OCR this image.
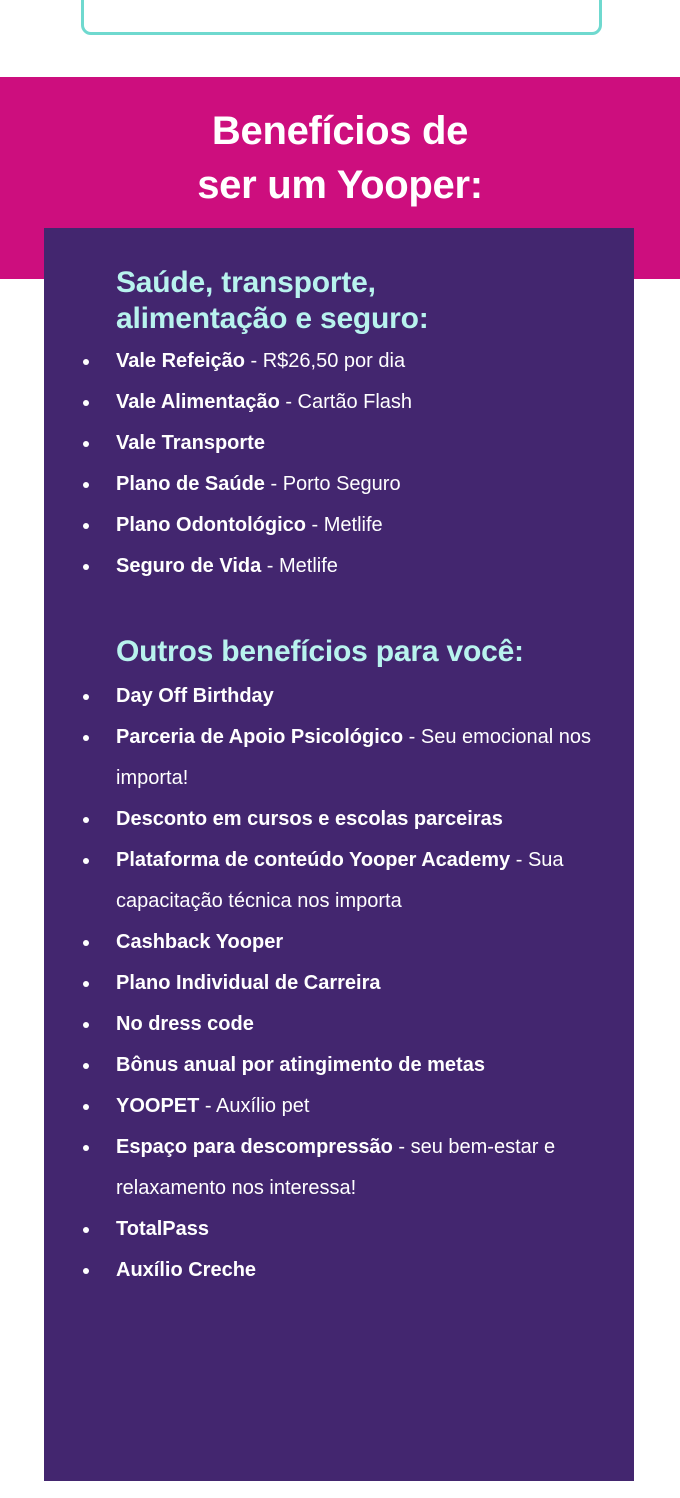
Benefícios de
ser um Yooper:
Saúde, transporte,
alimentação e seguro:
Vale Refeição - R$26,50 por dia
Vale Alimentação - Cartão Flash
Vale Transporte
Plano de Saúde - Porto Seguro
Plano Odontológico - Metlife
Seguro de Vida - Metlife
Outros benefícios para você:
Day Off Birthday
Parceria de Apoio Psicológico - Seu emocional nos importa!
Desconto em cursos e escolas parceiras
Plataforma de conteúdo Yooper Academy - Sua capacitação técnica nos importa
Cashback Yooper
Plano Individual de Carreira
No dress code
Bônus anual por atingimento de metas
YOOPET - Auxílio pet
Espaço para descompressão - seu bem-estar e relaxamento nos interessa!
TotalPass
Auxílio Creche
